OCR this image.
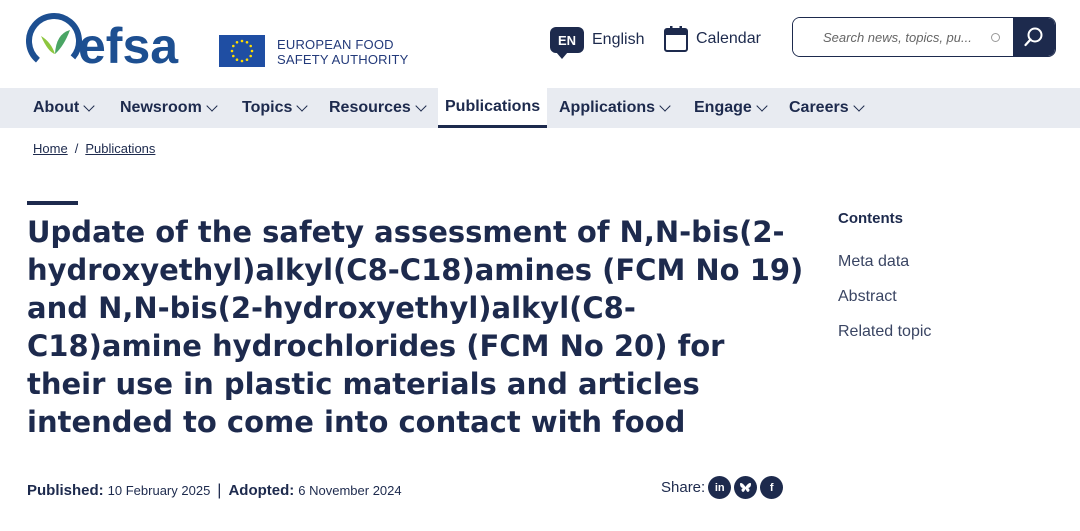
efsa	EUROPEAN FOOD
SAFETY AUTHORITY
EN English	Calendar
Search news, topics, pu...
About	Newsroom	Topics Resources Publications Applications Engage Careers
Home / Publications
Update of the safety assessment of N,N-bis(2-hydroxyethyl)alkyl(C8-C18)amines (FCM No 19) and N,N-bis(2-hydroxyethyl)alkyl(C8-C18)amine hydrochlorides (FCM No 20) for their use in plastic materials and articles intended to come into contact with food
Published: 10 February 2025 | Adopted: 6 November 2024	Share: in	f
Contents
Meta data
Abstract
Related topic
